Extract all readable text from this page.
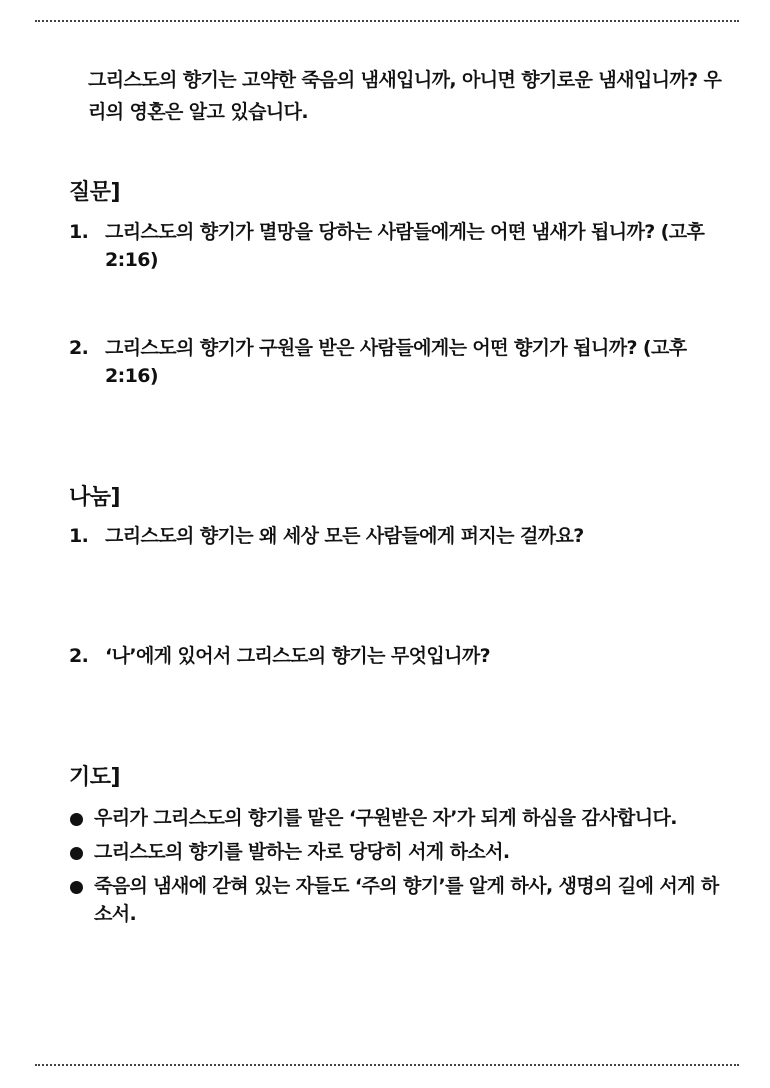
그리스도의 향기는 고약한 죽음의 냄새입니까, 아니면 향기로운 냄새입니까? 우리의 영혼은 알고 있습니다.

질문]
1. 그리스도의 향기가 멸망을 당하는 사람들에게는 어떤 냄새가 됩니까? (고후2:16)
2. 그리스도의 향기가 구원을 받은 사람들에게는 어떤 향기가 됩니까? (고후2:16)
나눔]
1. 그리스도의 향기는 왜 세상 모든 사람들에게 퍼지는 걸까요?
2. ‘나’에게 있어서 그리스도의 향기는 무엇입니까?
기도]
우리가 그리스도의 향기를 맡은 ‘구원받은 자’가 되게 하심을 감사합니다.
그리스도의 향기를 발하는 자로 당당히 서게 하소서.
죽음의 냄새에 갇혀 있는 자들도 ‘주의 향기’를 알게 하사, 생명의 길에 서게 하소서.
